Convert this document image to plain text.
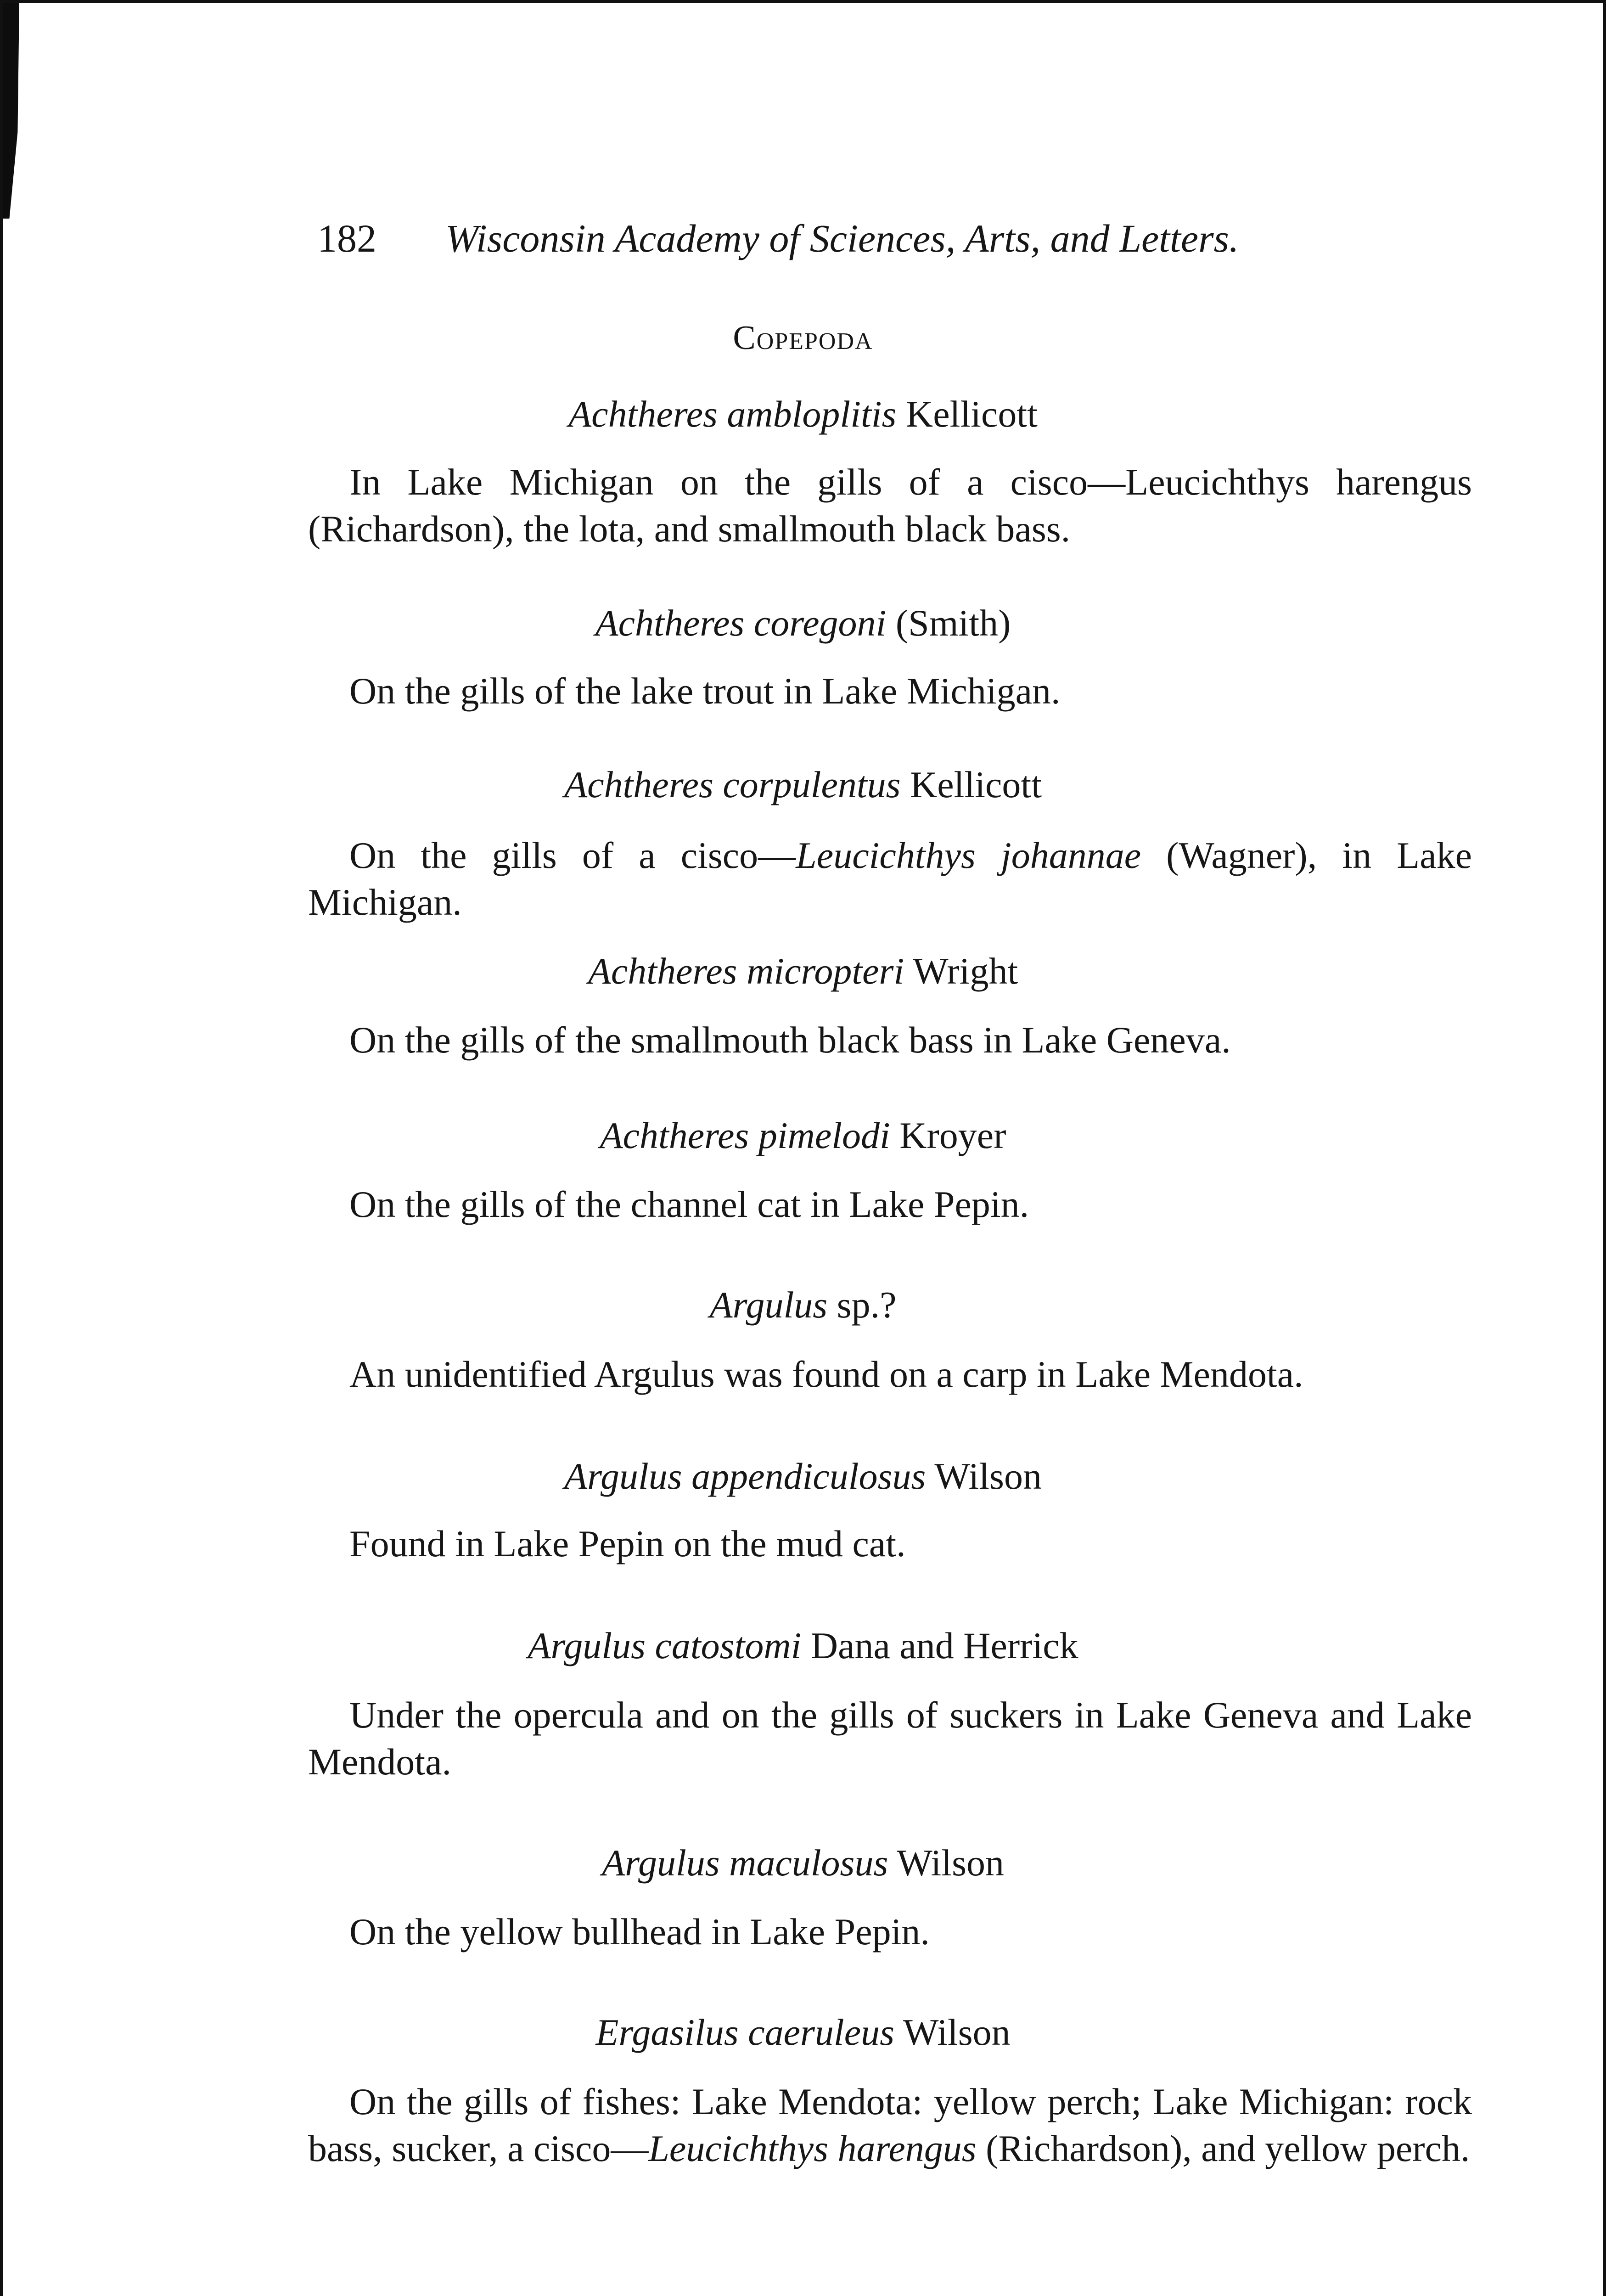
182 Wisconsin Academy of Sciences, Arts, and Letters.
Copepoda
Achtheres ambloplitis Kellicott
In Lake Michigan on the gills of a cisco—Leucichthys harengus (Richardson), the lota, and smallmouth black bass.
Achtheres coregoni (Smith)
On the gills of the lake trout in Lake Michigan.
Achtheres corpulentus Kellicott
On the gills of a cisco—Leucichthys johannae (Wagner), in Lake Michigan.
Achtheres micropteri Wright
On the gills of the smallmouth black bass in Lake Geneva.
Achtheres pimelodi Kroyer
On the gills of the channel cat in Lake Pepin.
Argulus sp.?
An unidentified Argulus was found on a carp in Lake Mendota.
Argulus appendiculosus Wilson
Found in Lake Pepin on the mud cat.
Argulus catostomi Dana and Herrick
Under the opercula and on the gills of suckers in Lake Geneva and Lake Mendota.
Argulus maculosus Wilson
On the yellow bullhead in Lake Pepin.
Ergasilus caeruleus Wilson
On the gills of fishes: Lake Mendota: yellow perch; Lake Michigan: rock bass, sucker, a cisco—Leucichthys harengus (Richardson), and yellow perch.
